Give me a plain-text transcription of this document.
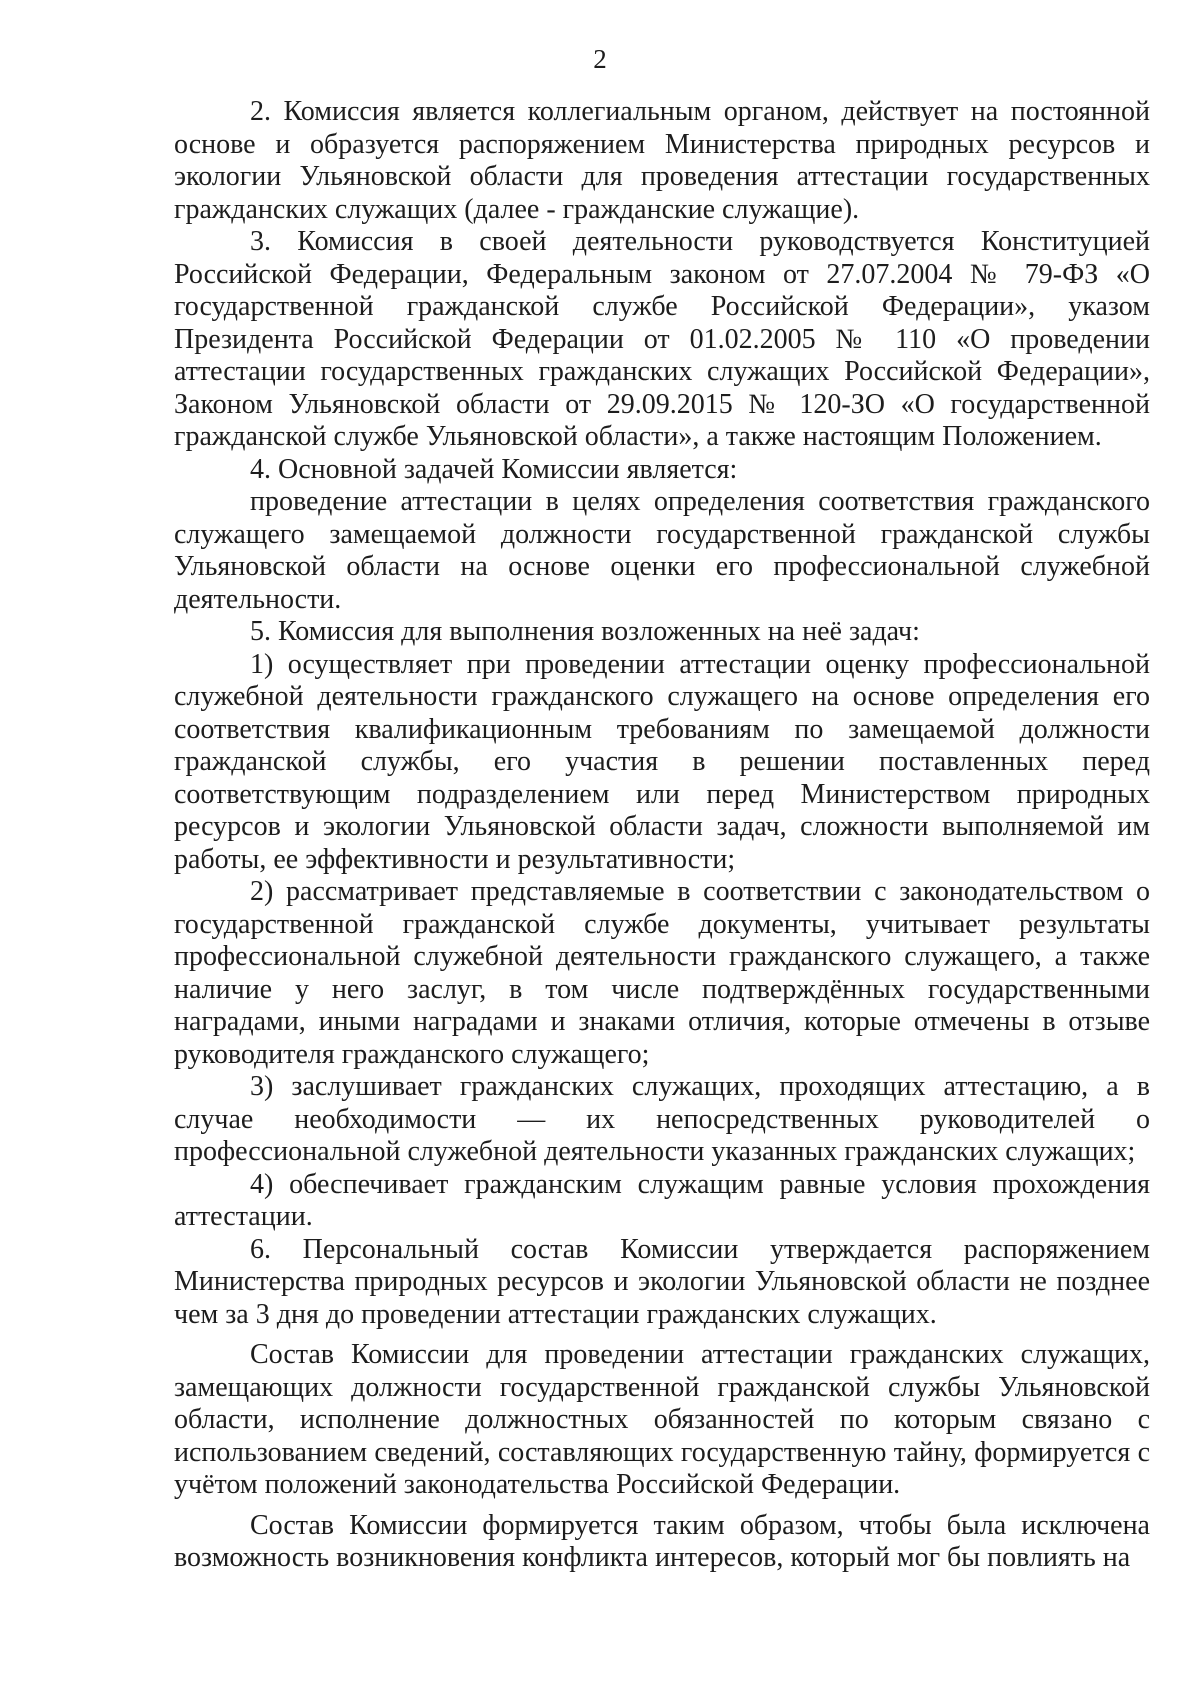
2

2. Комиссия является коллегиальным органом, действует на постоянной основе и образуется распоряжением Министерства природных ресурсов и экологии Ульяновской области для проведения аттестации государственных гражданских служащих (далее - гражданские служащие).

3. Комиссия в своей деятельности руководствуется Конституцией Российской Федерации, Федеральным законом от 27.07.2004 № 79-ФЗ «О государственной гражданской службе Российской Федерации», указом Президента Российской Федерации от 01.02.2005 № 110 «О проведении аттестации государственных гражданских служащих Российской Федерации», Законом Ульяновской области от 29.09.2015 № 120-ЗО «О государственной гражданской службе Ульяновской области», а также настоящим Положением.

4. Основной задачей Комиссии является:

проведение аттестации в целях определения соответствия гражданского служащего замещаемой должности государственной гражданской службы Ульяновской области на основе оценки его профессиональной служебной деятельности.

5. Комиссия для выполнения возложенных на неё задач:

1) осуществляет при проведении аттестации оценку профессиональной служебной деятельности гражданского служащего на основе определения его соответствия квалификационным требованиям по замещаемой должности гражданской службы, его участия в решении поставленных перед соответствующим подразделением или перед Министерством природных ресурсов и экологии Ульяновской области задач, сложности выполняемой им работы, ее эффективности и результативности;

2) рассматривает представляемые в соответствии с законодательством о государственной гражданской службе документы, учитывает результаты профессиональной служебной деятельности гражданского служащего, а также наличие у него заслуг, в том числе подтверждённых государственными наградами, иными наградами и знаками отличия, которые отмечены в отзыве руководителя гражданского служащего;

3) заслушивает гражданских служащих, проходящих аттестацию, а в случае необходимости — их непосредственных руководителей о профессиональной служебной деятельности указанных гражданских служащих;

4) обеспечивает гражданским служащим равные условия прохождения аттестации.

6. Персональный состав Комиссии утверждается распоряжением Министерства природных ресурсов и экологии Ульяновской области не позднее чем за 3 дня до проведении аттестации гражданских служащих.

Состав Комиссии для проведении аттестации гражданских служащих, замещающих должности государственной гражданской службы Ульяновской области, исполнение должностных обязанностей по которым связано с использованием сведений, составляющих государственную тайну, формируется с учётом положений законодательства Российской Федерации.

Состав Комиссии формируется таким образом, чтобы была исключена возможность возникновения конфликта интересов, который мог бы повлиять на
